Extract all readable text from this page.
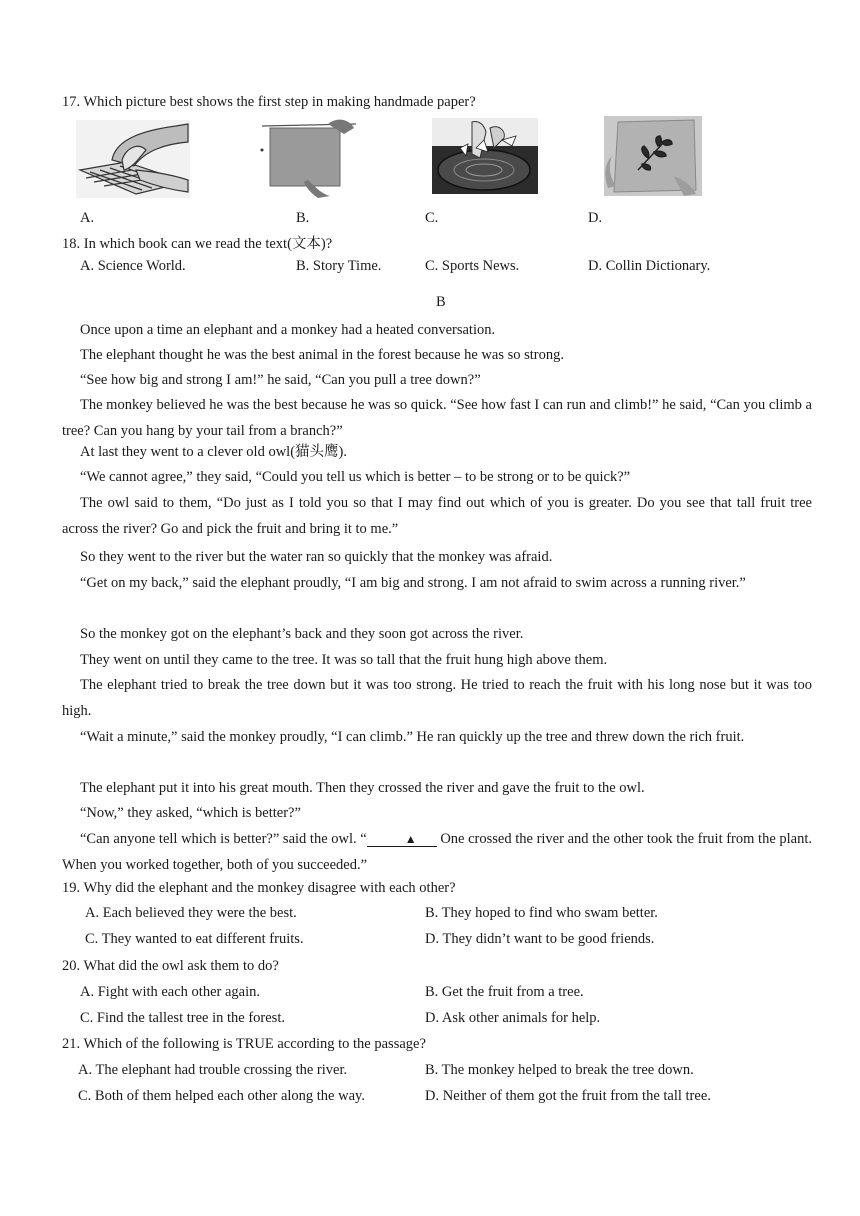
17. Which picture best shows the first step in making handmade paper?
A.	B.	C.	D.
18. In which book can we read the text(文本)?
A. Science World.	B. Story Time.	C. Sports News.	D. Collin Dictionary.
B
Once upon a time an elephant and a monkey had a heated conversation.
The elephant thought he was the best animal in the forest because he was so strong.
“See how big and strong I am!” he said, “Can you pull a tree down?”
The monkey believed he was the best because he was so quick. “See how fast I can run and climb!” he said, “Can you climb a tree? Can you hang by your tail from a branch?”
At last they went to a clever old owl(猫头鹰).
“We cannot agree,” they said, “Could you tell us which is better – to be strong or to be quick?”
The owl said to them, “Do just as I told you so that I may find out which of you is greater. Do you see that tall fruit tree across the river? Go and pick the fruit and bring it to me.”
So they went to the river but the water ran so quickly that the monkey was afraid.
“Get on my back,” said the elephant proudly, “I am big and strong. I am not afraid to swim across a running river.”
So the monkey got on the elephant’s back and they soon got across the river.
They went on until they came to the tree. It was so tall that the fruit hung high above them.
The elephant tried to break the tree down but it was too strong. He tried to reach the fruit with his long nose but it was too high.
“Wait a minute,” said the monkey proudly, “I can climb.” He ran quickly up the tree and threw down the rich fruit.
The elephant put it into his great mouth. Then they crossed the river and gave the fruit to the owl.
“Now,” they asked, “which is better?”
“Can anyone tell which is better?” said the owl. “	▲ One crossed the river and the other took the fruit from the plant. When you worked together, both of you succeeded.”
19. Why did the elephant and the monkey disagree with each other?
A. Each believed they were the best.	B. They hoped to find who swam better.
C. They wanted to eat different fruits.	D. They didn’t want to be good friends.
20. What did the owl ask them to do?
A. Fight with each other again.	B. Get the fruit from a tree.
C. Find the tallest tree in the forest.	D. Ask other animals for help.
21. Which of the following is TRUE according to the passage?
A. The elephant had trouble crossing the river.	B. The monkey helped to break the tree down.
C. Both of them helped each other along the way.	D. Neither of them got the fruit from the tall tree.
